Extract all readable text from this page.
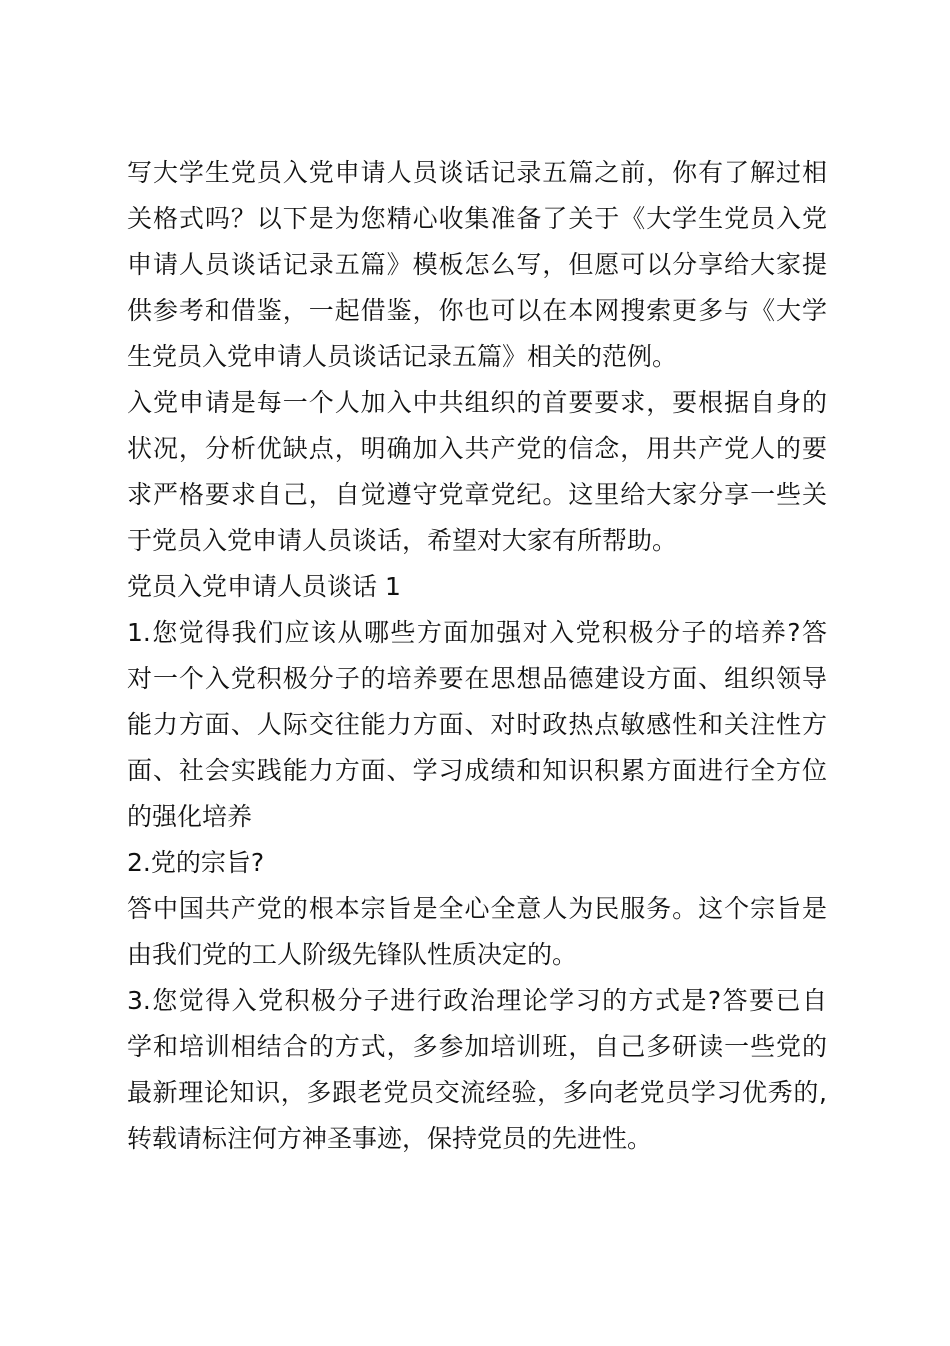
写大学生党员入党申请人员谈话记录五篇之前，你有了解过相
关格式吗？以下是为您精心收集准备了关于《大学生党员入党
申请人员谈话记录五篇》模板怎么写，但愿可以分享给大家提
供参考和借鉴，一起借鉴，你也可以在本网搜索更多与《大学
生党员入党申请人员谈话记录五篇》相关的范例。
入党申请是每一个人加入中共组织的首要要求，要根据自身的
状况，分析优缺点，明确加入共产党的信念，用共产党人的要
求严格要求自己，自觉遵守党章党纪。这里给大家分享一些关
于党员入党申请人员谈话，希望对大家有所帮助。
党员入党申请人员谈话 1
1.您觉得我们应该从哪些方面加强对入党积极分子的培养?答
对一个入党积极分子的培养要在思想品德建设方面、组织领导
能力方面、人际交往能力方面、对时政热点敏感性和关注性方
面、社会实践能力方面、学习成绩和知识积累方面进行全方位
的强化培养
2.党的宗旨?
答中国共产党的根本宗旨是全心全意人为民服务。这个宗旨是
由我们党的工人阶级先锋队性质决定的。
3.您觉得入党积极分子进行政治理论学习的方式是?答要已自
学和培训相结合的方式，多参加培训班，自己多研读一些党的
最新理论知识，多跟老党员交流经验，多向老党员学习优秀的,
转载请标注何方神圣事迹，保持党员的先进性。
